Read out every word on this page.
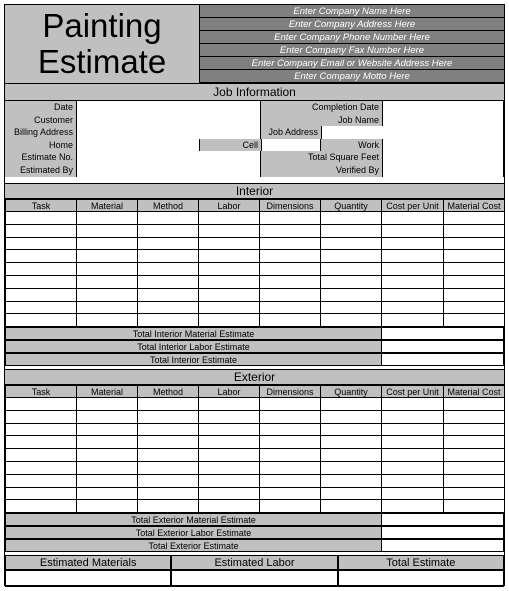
Painting
Estimate
Enter Company Name Here
Enter Company Address Here
Enter Company Phone Number Here
Enter Company Fax Number Here
Enter Company Email or Website Address Here
Enter Company Motto Here
Job Information
Date	Completion Date
Customer	Job Name
Billing Address	Job Address
Home	Cell	Work
Estimate No.	Total Square Feet
Estimated By	Verified By
Interior
Task	Material	Method	Labor	Dimensions	Quantity	Cost per Unit	Material Cost

Total Interior Material Estimate
Total Interior Labor Estimate
Total Interior Estimate
Exterior
Task	Material	Method	Labor	Dimensions	Quantity	Cost per Unit	Material Cost

Total Exterior Material Estimate
Total Exterior Labor Estimate
Total Exterior Estimate
Estimated Materials	Estimated Labor	Total Estimate
